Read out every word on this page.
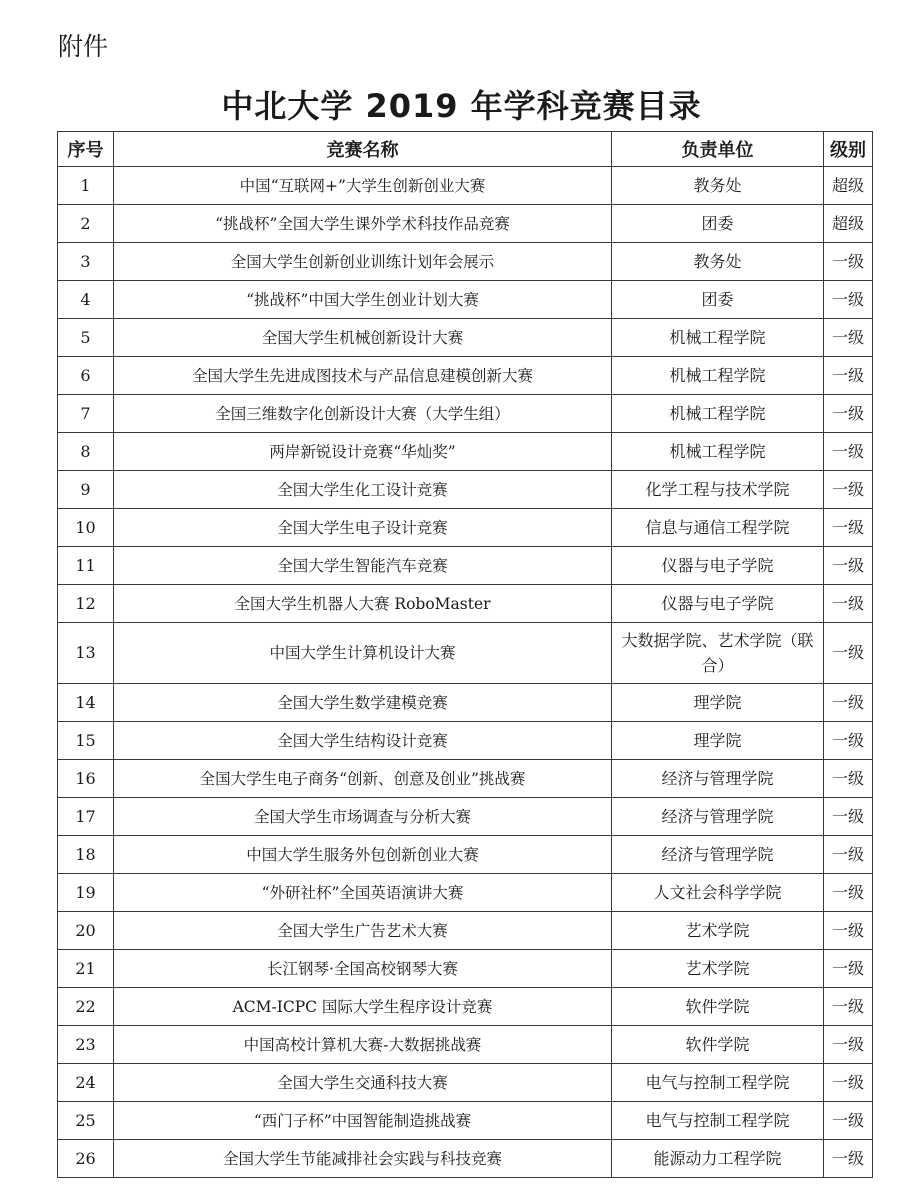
附件
中北大学 2019 年学科竞赛目录
序号	竞赛名称	负责单位	级别
1	中国“互联网+”大学生创新创业大赛	教务处	超级
2	“挑战杯”全国大学生课外学术科技作品竞赛	团委	超级
3	全国大学生创新创业训练计划年会展示	教务处	一级
4	“挑战杯”中国大学生创业计划大赛	团委	一级
5	全国大学生机械创新设计大赛	机械工程学院	一级
6	全国大学生先进成图技术与产品信息建模创新大赛	机械工程学院	一级
7	全国三维数字化创新设计大赛（大学生组）	机械工程学院	一级
8	两岸新锐设计竞赛“华灿奖”	机械工程学院	一级
9	全国大学生化工设计竞赛	化学工程与技术学院	一级
10	全国大学生电子设计竞赛	信息与通信工程学院	一级
11	全国大学生智能汽车竞赛	仪器与电子学院	一级
12	全国大学生机器人大赛 RoboMaster	仪器与电子学院	一级
13	中国大学生计算机设计大赛	大数据学院、艺术学院（联合）	一级
14	全国大学生数学建模竞赛	理学院	一级
15	全国大学生结构设计竞赛	理学院	一级
16	全国大学生电子商务“创新、创意及创业”挑战赛	经济与管理学院	一级
17	全国大学生市场调查与分析大赛	经济与管理学院	一级
18	中国大学生服务外包创新创业大赛	经济与管理学院	一级
19	“外研社杯”全国英语演讲大赛	人文社会科学学院	一级
20	全国大学生广告艺术大赛	艺术学院	一级
21	长江钢琴·全国高校钢琴大赛	艺术学院	一级
22	ACM-ICPC 国际大学生程序设计竞赛	软件学院	一级
23	中国高校计算机大赛-大数据挑战赛	软件学院	一级
24	全国大学生交通科技大赛	电气与控制工程学院	一级
25	“西门子杯”中国智能制造挑战赛	电气与控制工程学院	一级
26	全国大学生节能减排社会实践与科技竞赛	能源动力工程学院	一级
